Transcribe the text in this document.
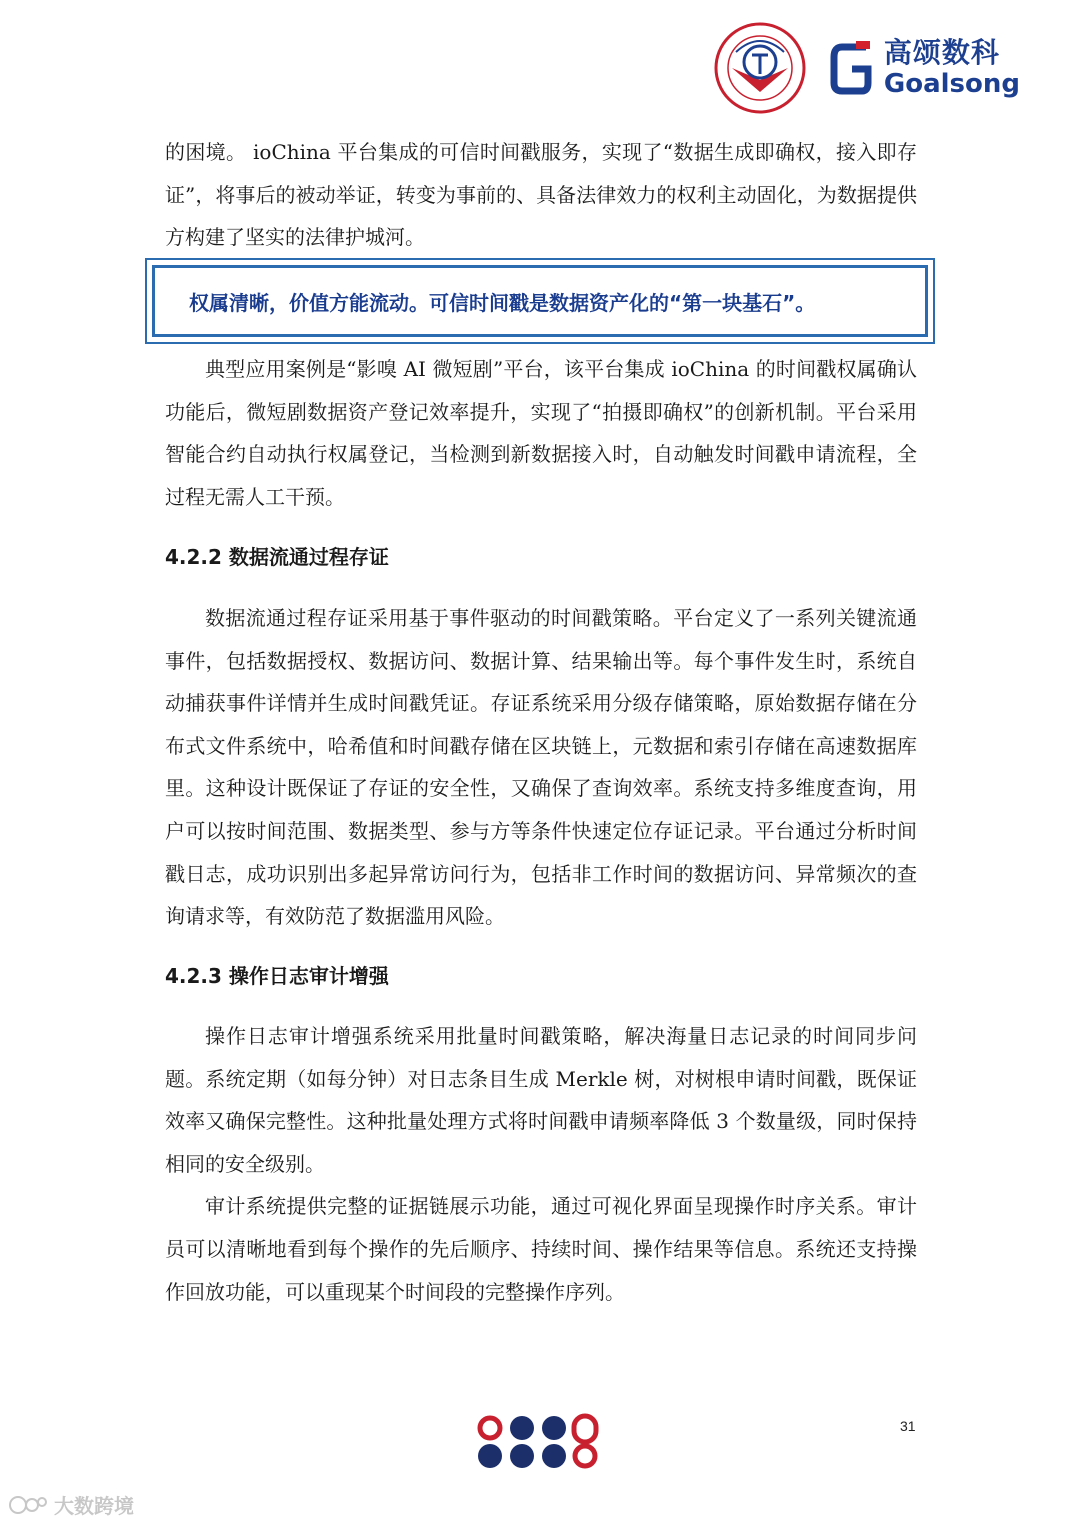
高颂数科
Goalsong

的困境。 ioChina 平台集成的可信时间戳服务，实现了“数据生成即确权，接入即存证”，将事后的被动举证，转变为事前的、具备法律效力的权利主动固化，为数据提供方构建了坚实的法律护城河。

权属清晰，价值方能流动。可信时间戳是数据资产化的“第一块基石”。

典型应用案例是“影嗅 AI 微短剧”平台，该平台集成 ioChina 的时间戳权属确认功能后，微短剧数据资产登记效率提升，实现了“拍摄即确权”的创新机制。平台采用智能合约自动执行权属登记，当检测到新数据接入时，自动触发时间戳申请流程，全过程无需人工干预。

4.2.2 数据流通过程存证

数据流通过程存证采用基于事件驱动的时间戳策略。平台定义了一系列关键流通事件，包括数据授权、数据访问、数据计算、结果输出等。每个事件发生时，系统自动捕获事件详情并生成时间戳凭证。存证系统采用分级存储策略，原始数据存储在分布式文件系统中，哈希值和时间戳存储在区块链上，元数据和索引存储在高速数据库里。这种设计既保证了存证的安全性，又确保了查询效率。系统支持多维度查询，用户可以按时间范围、数据类型、参与方等条件快速定位存证记录。平台通过分析时间戳日志，成功识别出多起异常访问行为，包括非工作时间的数据访问、异常频次的查询请求等，有效防范了数据滥用风险。

4.2.3 操作日志审计增强

操作日志审计增强系统采用批量时间戳策略，解决海量日志记录的时间同步问题。系统定期（如每分钟）对日志条目生成 Merkle 树，对树根申请时间戳，既保证效率又确保完整性。这种批量处理方式将时间戳申请频率降低 3 个数量级，同时保持相同的安全级别。

审计系统提供完整的证据链展示功能，通过可视化界面呈现操作时序关系。审计员可以清晰地看到每个操作的先后顺序、持续时间、操作结果等信息。系统还支持操作回放功能，可以重现某个时间段的完整操作序列。

31
大数跨境
